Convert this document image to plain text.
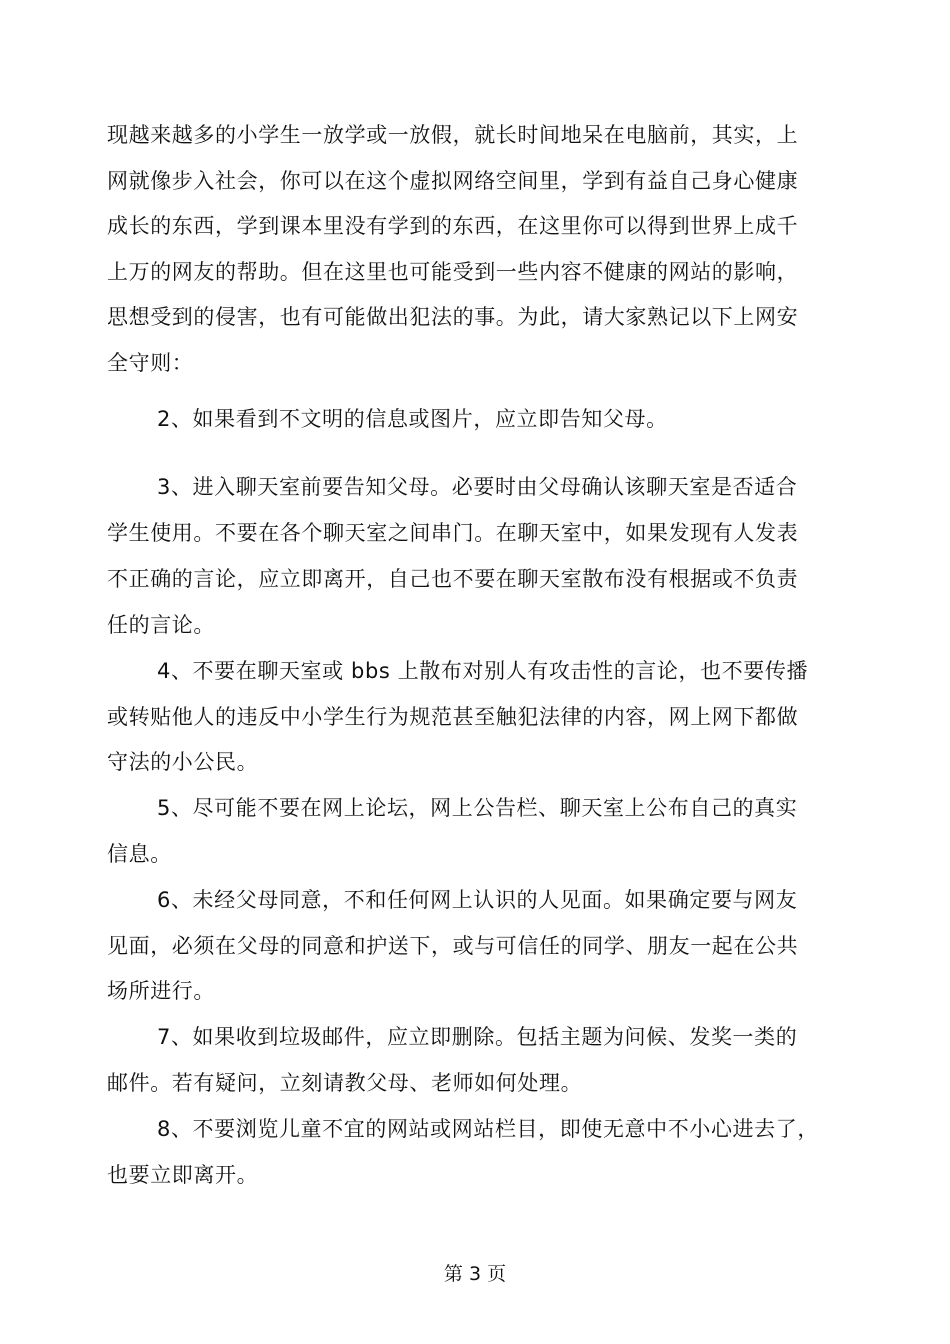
现越来越多的小学生一放学或一放假，就长时间地呆在电脑前，其实，上
网就像步入社会，你可以在这个虚拟网络空间里，学到有益自己身心健康
成长的东西，学到课本里没有学到的东西，在这里你可以得到世界上成千
上万的网友的帮助。但在这里也可能受到一些内容不健康的网站的影响，
思想受到的侵害，也有可能做出犯法的事。为此，请大家熟记以下上网安
全守则：
2、如果看到不文明的信息或图片，应立即告知父母。
3、进入聊天室前要告知父母。必要时由父母确认该聊天室是否适合
学生使用。不要在各个聊天室之间串门。在聊天室中，如果发现有人发表
不正确的言论，应立即离开，自己也不要在聊天室散布没有根据或不负责
任的言论。
4、不要在聊天室或 bbs 上散布对别人有攻击性的言论，也不要传播
或转贴他人的违反中小学生行为规范甚至触犯法律的内容，网上网下都做
守法的小公民。
5、尽可能不要在网上论坛，网上公告栏、聊天室上公布自己的真实
信息。
6、未经父母同意，不和任何网上认识的人见面。如果确定要与网友
见面，必须在父母的同意和护送下，或与可信任的同学、朋友一起在公共
场所进行。
7、如果收到垃圾邮件，应立即删除。包括主题为问候、发奖一类的
邮件。若有疑问，立刻请教父母、老师如何处理。
8、不要浏览儿童不宜的网站或网站栏目，即使无意中不小心进去了，
也要立即离开。
第 3 页
